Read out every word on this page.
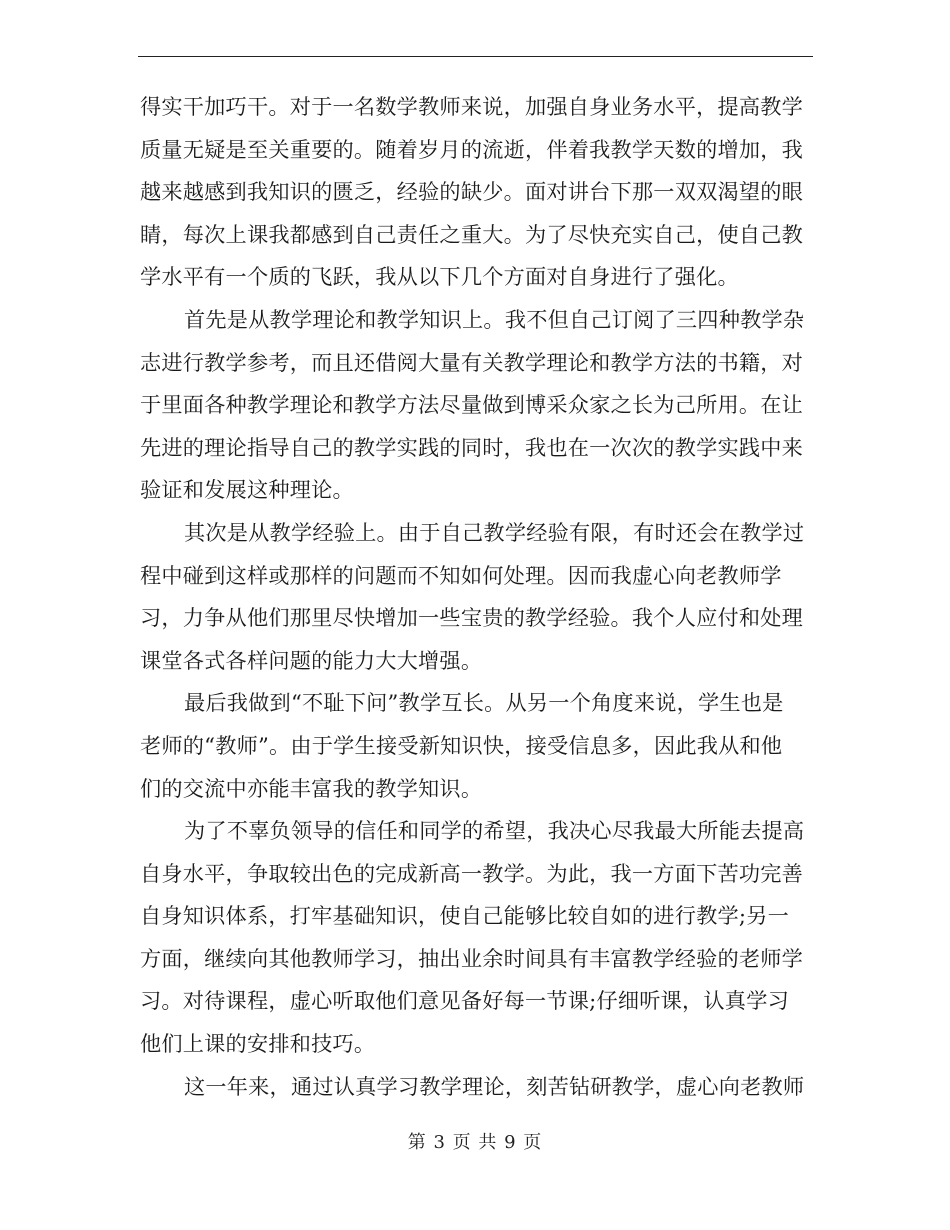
得实干加巧干。对于一名数学教师来说，加强自身业务水平，提高教学
质量无疑是至关重要的。随着岁月的流逝，伴着我教学天数的增加，我
越来越感到我知识的匮乏，经验的缺少。面对讲台下那一双双渴望的眼
睛，每次上课我都感到自己责任之重大。为了尽快充实自己，使自己教
学水平有一个质的飞跃，我从以下几个方面对自身进行了强化。
首先是从教学理论和教学知识上。我不但自己订阅了三四种教学杂
志进行教学参考，而且还借阅大量有关教学理论和教学方法的书籍，对
于里面各种教学理论和教学方法尽量做到博采众家之长为己所用。在让
先进的理论指导自己的教学实践的同时，我也在一次次的教学实践中来
验证和发展这种理论。
其次是从教学经验上。由于自己教学经验有限，有时还会在教学过
程中碰到这样或那样的问题而不知如何处理。因而我虚心向老教师学
习，力争从他们那里尽快增加一些宝贵的教学经验。我个人应付和处理
课堂各式各样问题的能力大大增强。
最后我做到“不耻下问”教学互长。从另一个角度来说，学生也是
老师的“教师”。由于学生接受新知识快，接受信息多，因此我从和他
们的交流中亦能丰富我的教学知识。
为了不辜负领导的信任和同学的希望，我决心尽我最大所能去提高
自身水平，争取较出色的完成新高一教学。为此，我一方面下苦功完善
自身知识体系，打牢基础知识，使自己能够比较自如的进行教学;另一
方面，继续向其他教师学习，抽出业余时间具有丰富教学经验的老师学
习。对待课程，虚心听取他们意见备好每一节课;仔细听课，认真学习
他们上课的安排和技巧。
这一年来，通过认真学习教学理论，刻苦钻研教学，虚心向老教师
第 3 页 共 9 页
